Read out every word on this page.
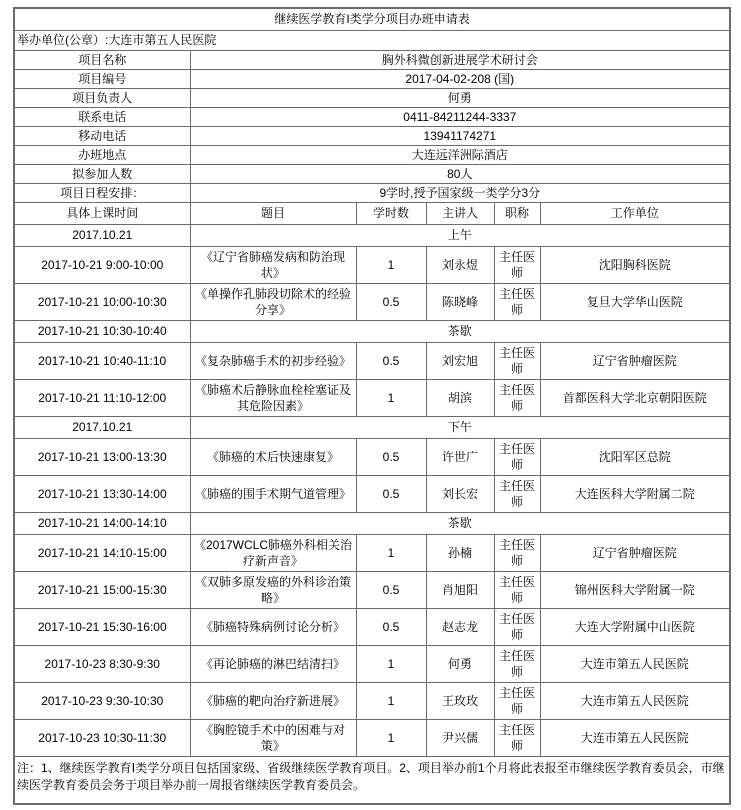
继续医学教育I类学分项目办班申请表					
举办单位(公章）:大连市第五人民医院					
项目名称	胸外科微创新进展学术研讨会				
项目编号	2017-04-02-208 (国)				
项目负责人	何勇				
联系电话	0411-84211244-3337				
移动电话	13941174271				
办班地点	大连远洋洲际酒店				
拟参加人数	80人				
项目日程安排：	9学时,授予国家级一类学分3分				
具体上课时间	题目	学时数	主讲人	职称	工作单位
2017.10.21	上午				
2017-10-21 9:00-10:00	《辽宁省肺癌发病和防治现状》	1	刘永煜	主任医师	沈阳胸科医院
2017-10-21 10:00-10:30	《单操作孔肺段切除术的经验分享》	0.5	陈晓峰	主任医师	复旦大学华山医院
2017-10-21 10:30-10:40	茶歇				
2017-10-21 10:40-11:10	《复杂肺癌手术的初步经验》	0.5	刘宏旭	主任医师	辽宁省肿瘤医院
2017-10-21 11:10-12:00	《肺癌术后静脉血栓栓塞证及其危险因素》	1	胡滨	主任医师	首都医科大学北京朝阳医院
2017.10.21	下午				
2017-10-21 13:00-13:30	《肺癌的术后快速康复》	0.5	许世广	主任医师	沈阳军区总院
2017-10-21 13:30-14:00	《肺癌的围手术期气道管理》	0.5	刘长宏	主任医师	大连医科大学附属二院
2017-10-21 14:00-14:10	茶歇				
2017-10-21 14:10-15:00	《2017WCLC肺癌外科相关治疗新声音》	1	孙楠	主任医师	辽宁省肿瘤医院
2017-10-21 15:00-15:30	《双肺多原发癌的外科诊治策略》	0.5	肖旭阳	主任医师	锦州医科大学附属一院
2017-10-21 15:30-16:00	《肺癌特殊病例讨论分析》	0.5	赵志龙	主任医师	大连大学附属中山医院
2017-10-23 8:30-9:30	《再论肺癌的淋巴结清扫》	1	何勇	主任医师	大连市第五人民医院
2017-10-23 9:30-10:30	《肺癌的靶向治疗新进展》	1	王玫玫	主任医师	大连市第五人民医院
2017-10-23 10:30-11:30	《胸腔镜手术中的困难与对策》	1	尹兴儒	主任医师	大连市第五人民医院
注：1、继续医学教育Ⅰ类学分项目包括国家级、省级继续医学教育项目。2、项目举办前1个月将此表报至市继续医学教育委员会，市继续医学教育委员会务于项目举办前一周报省继续医学教育委员会。					
